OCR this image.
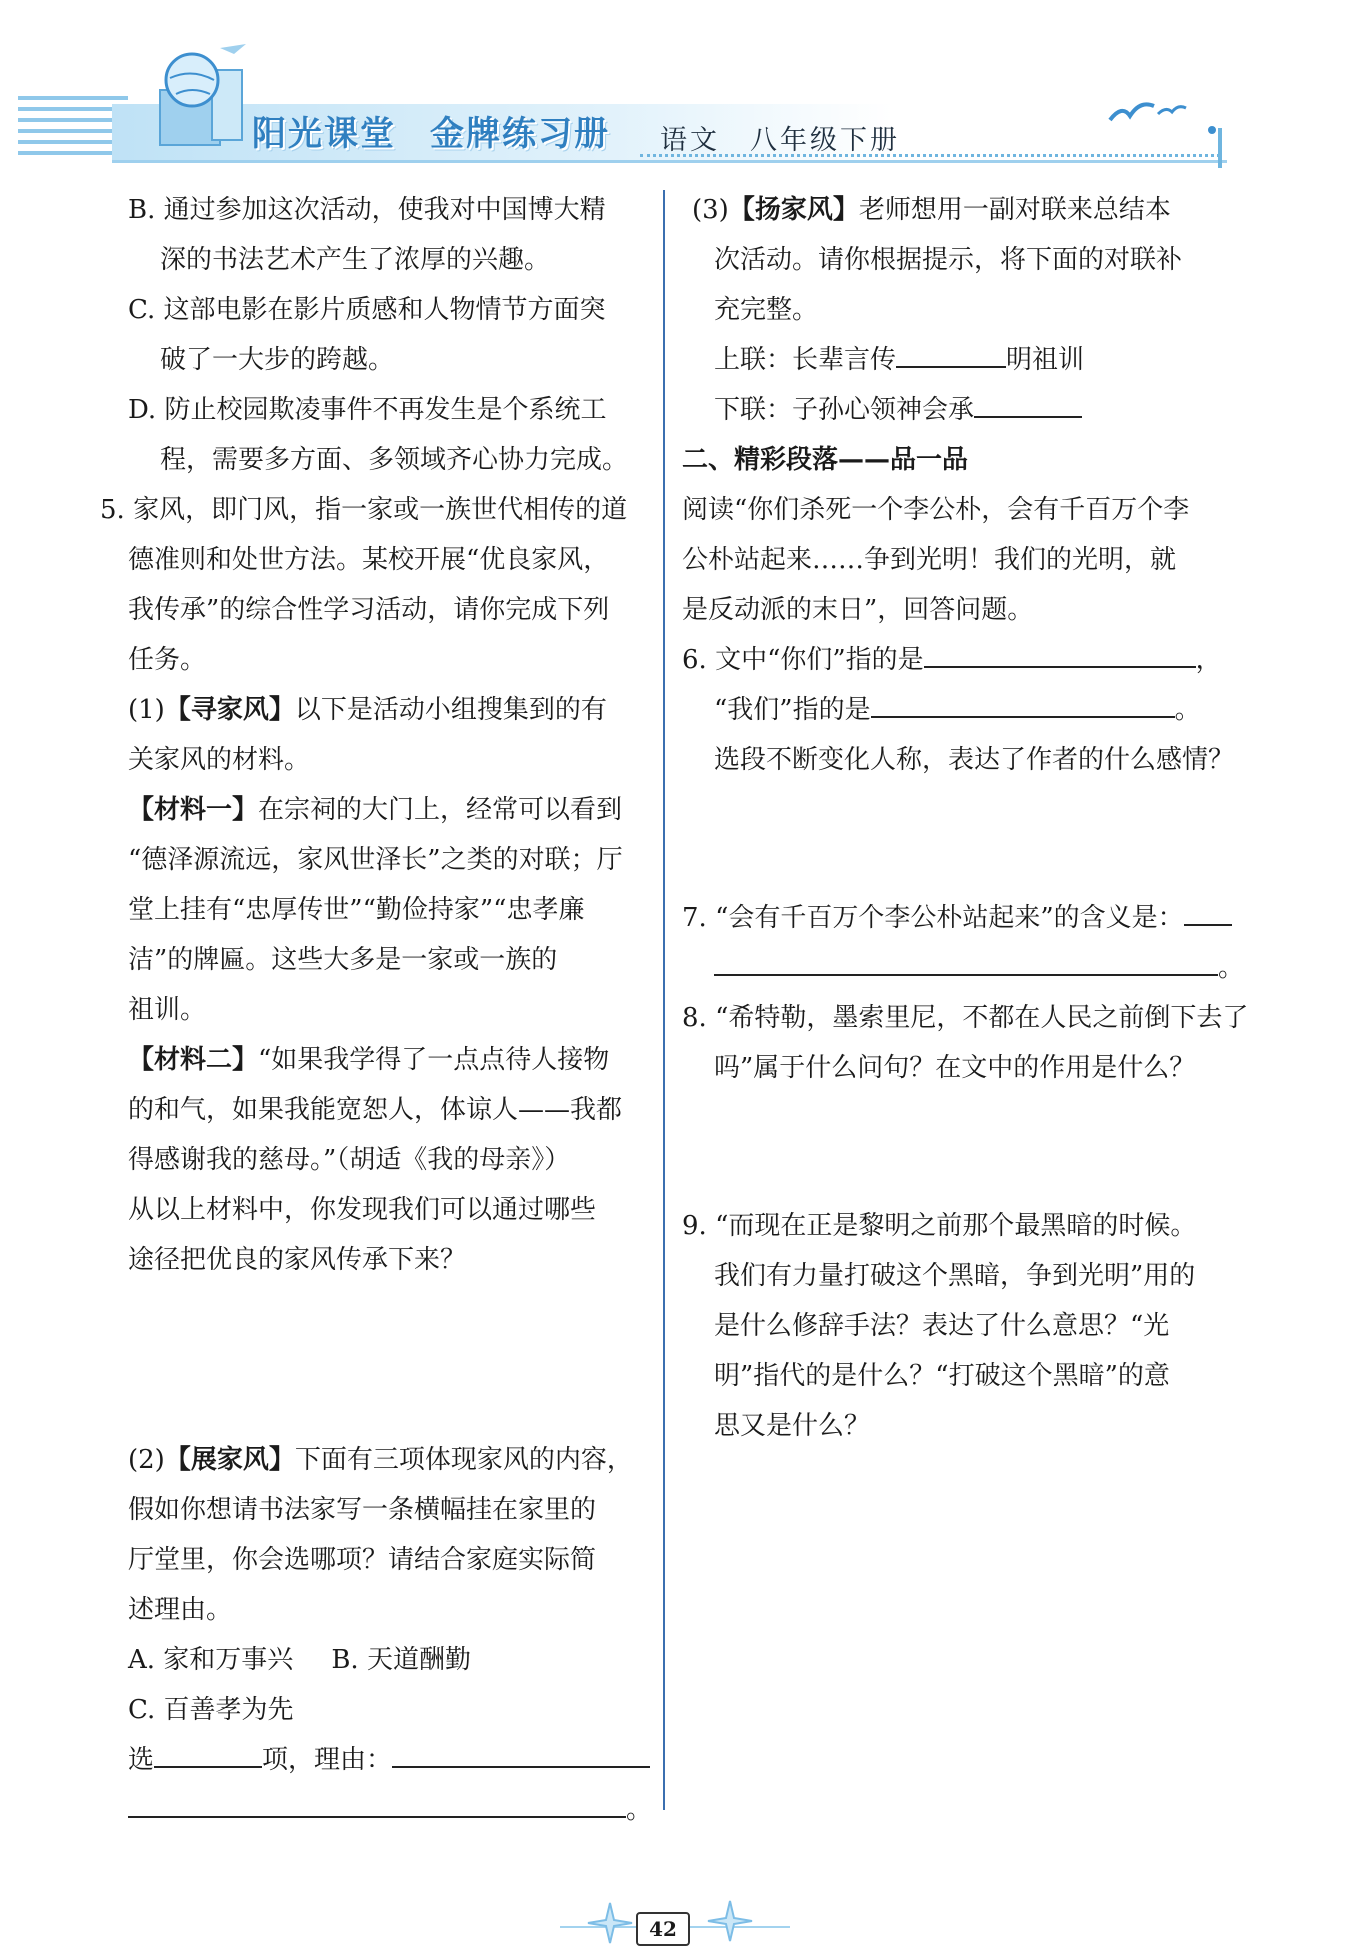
阳光课堂 金牌练习册	语文 八年级下册
B. 通过参加这次活动，使我对中国博大精
深的书法艺术产生了浓厚的兴趣。
C. 这部电影在影片质感和人物情节方面突
破了一大步的跨越。
D. 防止校园欺凌事件不再发生是个系统工
程，需要多方面、多领域齐心协力完成。
5. 家风，即门风，指一家或一族世代相传的道
德准则和处世方法。某校开展“优良家风，
我传承”的综合性学习活动，请你完成下列
任务。
(1)【寻家风】以下是活动小组搜集到的有
关家风的材料。
【材料一】在宗祠的大门上，经常可以看到
“德泽源流远，家风世泽长”之类的对联；厅
堂上挂有“忠厚传世”“勤俭持家”“忠孝廉
洁”的牌匾。这些大多是一家或一族的
祖训。
【材料二】“如果我学得了一点点待人接物
的和气，如果我能宽恕人，体谅人——我都
得感谢我的慈母。”（胡适《我的母亲》）
从以上材料中，你发现我们可以通过哪些
途径把优良的家风传承下来？
(2)【展家风】下面有三项体现家风的内容，
假如你想请书法家写一条横幅挂在家里的
厅堂里，你会选哪项？请结合家庭实际简
述理由。
A. 家和万事兴 B. 天道酬勤
C. 百善孝为先
选	项，理由：
。
(3)【扬家风】老师想用一副对联来总结本
次活动。请你根据提示，将下面的对联补
充完整。
上联：长辈言传	明祖训
下联：子孙心领神会承
二、精彩段落——品一品
阅读“你们杀死一个李公朴，会有千百万个李
公朴站起来……争到光明！我们的光明，就
是反动派的末日”，回答问题。
6. 文中“你们”指的是	，
“我们”指的是	。
选段不断变化人称，表达了作者的什么感情？
7. “会有千百万个李公朴站起来”的含义是：
。
8. “希特勒，墨索里尼，不都在人民之前倒下去了
吗”属于什么问句？在文中的作用是什么？
9. “而现在正是黎明之前那个最黑暗的时候。
我们有力量打破这个黑暗，争到光明”用的
是什么修辞手法？表达了什么意思？“光
明”指代的是什么？“打破这个黑暗”的意
思又是什么？
42
